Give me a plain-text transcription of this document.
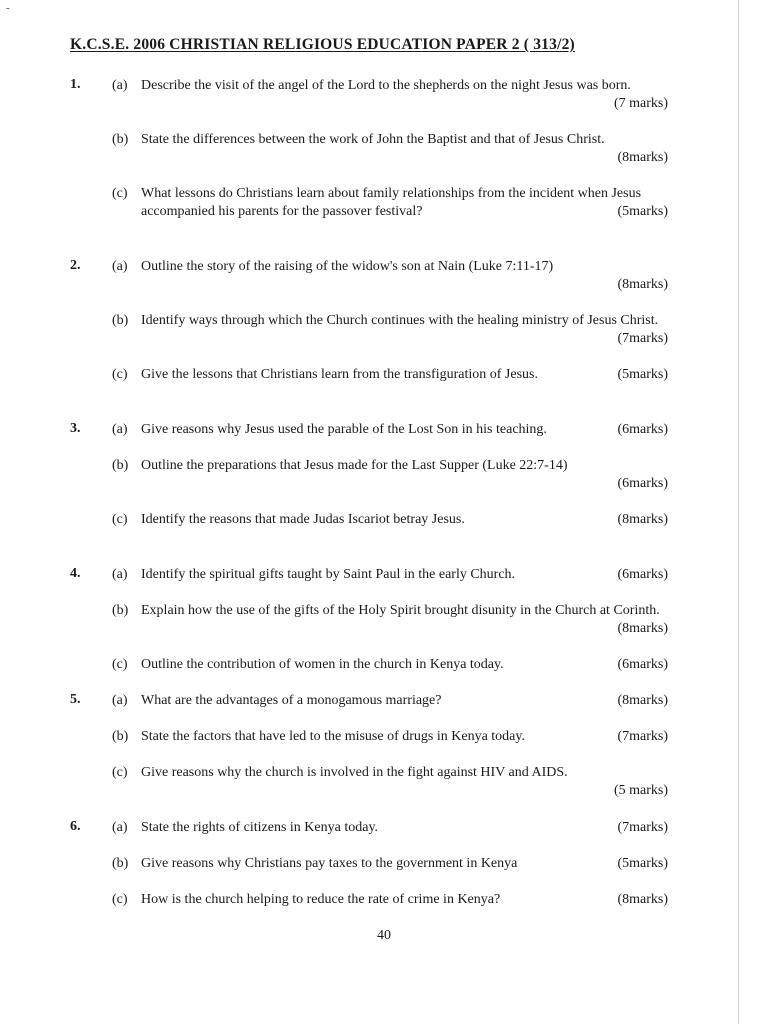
-
K.C.S.E. 2006 CHRISTIAN RELIGIOUS EDUCATION PAPER 2 ( 313/2)
1. (a) Describe the visit of the angel of the Lord to the shepherds on the night Jesus was born.
(7 marks)
(b) State the differences between the work of John the Baptist and that of Jesus Christ.
(8marks)
(c) What lessons do Christians learn about family relationships from the incident when Jesus accompanied his parents for the passover festival?	(5marks)
2. (a) Outline the story of the raising of the widow's son at Nain (Luke 7:11-17)
(8marks)
(b) Identify ways through which the Church continues with the healing ministry of Jesus Christ.
(7marks)
(c) Give the lessons that Christians learn from the transfiguration of Jesus.	(5marks)
3. (a) Give reasons why Jesus used the parable of the Lost Son in his teaching.	(6marks)
(b) Outline the preparations that Jesus made for the Last Supper (Luke 22:7-14)
(6marks)
(c) Identify the reasons that made Judas Iscariot betray Jesus.	(8marks)
4. (a) Identify the spiritual gifts taught by Saint Paul in the early Church.	(6marks)
(b) Explain how the use of the gifts of the Holy Spirit brought disunity in the Church at Corinth.
(8marks)
(c) Outline the contribution of women in the church in Kenya today.	(6marks)
5. (a) What are the advantages of a monogamous marriage?	(8marks)
(b) State the factors that have led to the misuse of drugs in Kenya today.	(7marks)
(c) Give reasons why the church is involved in the fight against HIV and AIDS.
(5 marks)
6. (a) State the rights of citizens in Kenya today.	(7marks)
(b) Give reasons why Christians pay taxes to the government in Kenya	(5marks)
(c) How is the church helping to reduce the rate of crime in Kenya?	(8marks)
40
